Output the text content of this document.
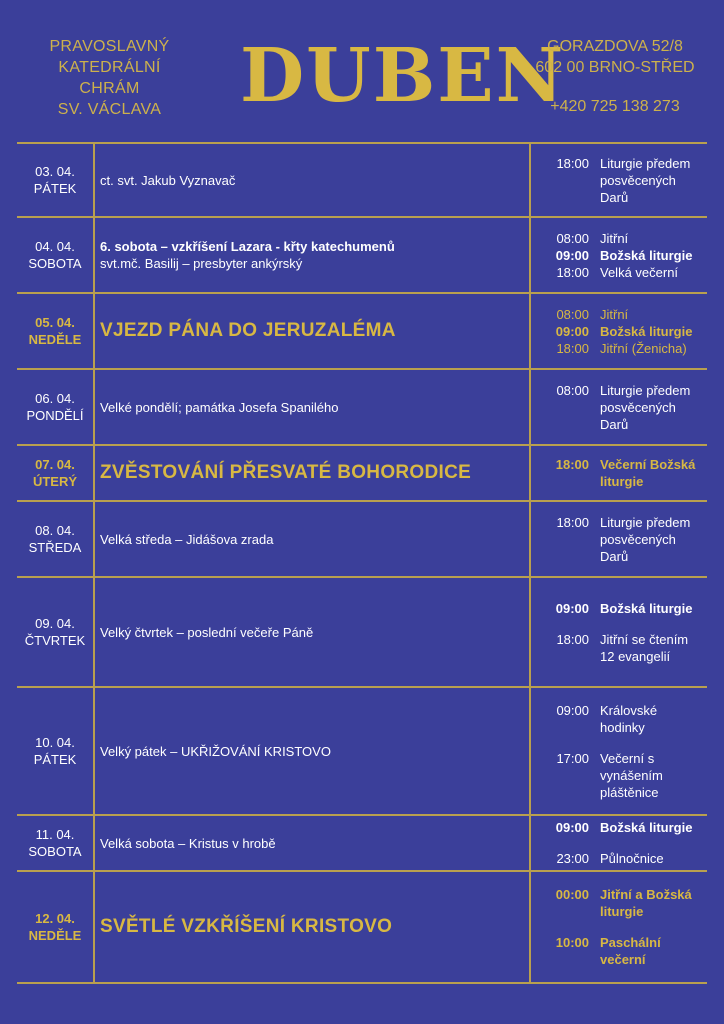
PRAVOSLAVNÝ
KATEDRÁLNÍ
CHRÁM
SV. VÁCLAVA	DUBEN
GORAZDOVA 52/8
602 00 BRNO-STŘED
+420 725 138 273
03. 04.
PÁTEK
ct. svt. Jakub Vyznavač
18:00 Liturgie předem posvěcených Darů
04. 04.
SOBOTA
6. sobota – vzkříšení Lazara - křty katechumenů
svt.mč. Basilij – presbyter ankýrský
08:00 Jitřní
09:00 Božská liturgie
18:00 Velká večerní
05. 04.
NEDĚLE VJEZD PÁNA DO JERUZALÉMA
08:00 Jitřní
09:00 Božská liturgie
18:00 Jitřní (Ženicha)
06. 04.
PONDĚLÍ
Velké pondělí; památka Josefa Spanilého
08:00 Liturgie předem posvěcených Darů
07. 04.
ÚTERÝ ZVĚSTOVÁNÍ PŘESVATÉ BOHORODICE	18:00 Večerní Božská liturgie
08. 04.
STŘEDA
Velká středa – Jidášova zrada
18:00 Liturgie předem posvěcených Darů
09. 04.
ČTVRTEK
Velký čtvrtek – poslední večeře Páně
09:00 Božská liturgie
18:00 Jitřní se čtením 12 evangelií
10. 04.
PÁTEK
Velký pátek – UKŘIŽOVÁNÍ KRISTOVO
09:00 Královské hodinky
17:00 Večerní s vynášením pláštěnice
11. 04.
SOBOTA
Velká sobota – Kristus v hrobě
09:00 Božská liturgie
23:00 Půlnočnice
12. 04.
NEDĚLE SVĚTLÉ VZKŘÍŠENÍ KRISTOVO
00:00 Jitřní a Božská liturgie
10:00 Paschální večerní
